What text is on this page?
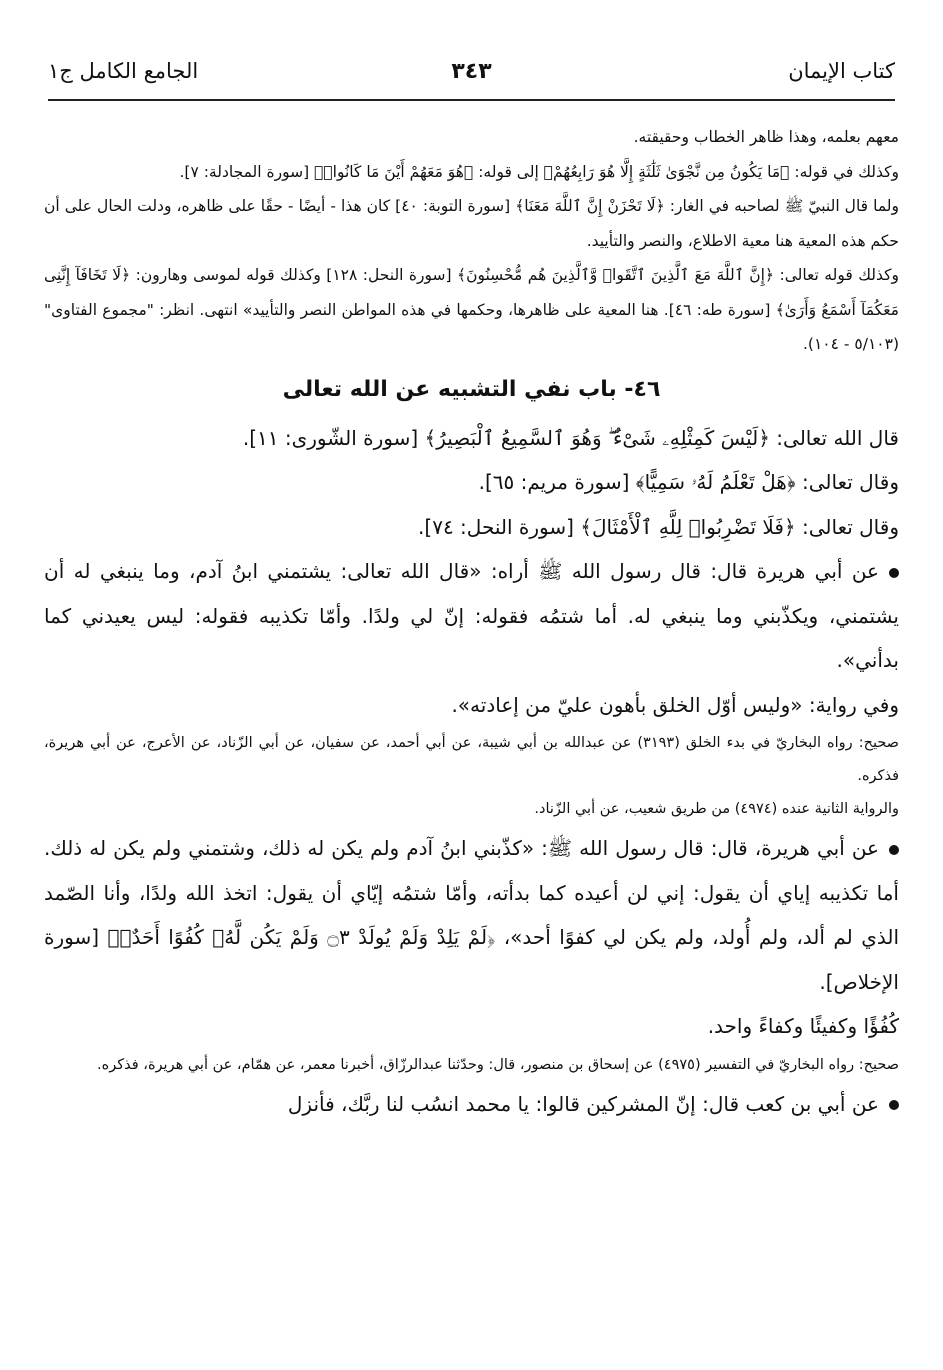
كتاب الإيمان
٣٤٣
الجامع الكامل ج١

معهم بعلمه، وهذا ظاهر الخطاب وحقيقته.

وكذلك في قوله: ﴿مَا يَكُونُ مِن نَّجْوَىٰ ثَلَٰثَةٍ إِلَّا هُوَ رَابِعُهُمْ﴾ إلى قوله: ﴿هُوَ مَعَهُمْ أَيْنَ مَا كَانُوا۟﴾ [سورة المجادلة: ٧].

ولما قال النبيّ ﷺ لصاحبه في الغار: ﴿لَا تَحْزَنْ إِنَّ ٱللَّهَ مَعَنَا﴾ [سورة التوبة: ٤٠] كان هذا - أيضًا - حقًا على ظاهره، ودلت الحال على أن حكم هذه المعية هنا معية الاطلاع، والنصر والتأييد.

وكذلك قوله تعالى: ﴿إِنَّ ٱللَّهَ مَعَ ٱلَّذِينَ ٱتَّقَوا۟ وَّٱلَّذِينَ هُم مُّحْسِنُونَ﴾ [سورة النحل: ١٢٨] وكذلك قوله لموسى وهارون: ﴿لَا تَخَافَآ إِنَّنِى مَعَكُمَآ أَسْمَعُ وَأَرَىٰ﴾ [سورة طه: ٤٦]. هنا المعية على ظاهرها، وحكمها في هذه المواطن النصر والتأييد» انتهى. انظر: "مجموع الفتاوى" (٥/١٠٣ - ١٠٤).

٤٦- باب نفي التشبيه عن الله تعالى

قال الله تعالى: ﴿لَيْسَ كَمِثْلِهِۦ شَىْءٌ ۖ وَهُوَ ٱلسَّمِيعُ ٱلْبَصِيرُ﴾ [سورة الشّورى: ١١].

وقال تعالى: ﴿هَلْ تَعْلَمُ لَهُۥ سَمِيًّا﴾ [سورة مريم: ٦٥].

وقال تعالى: ﴿فَلَا تَضْرِبُوا۟ لِلَّهِ ٱلْأَمْثَالَ﴾ [سورة النحل: ٧٤].

عن أبي هريرة قال: قال رسول الله ﷺ أراه: «قال الله تعالى: يشتمني ابنُ آدم، وما ينبغي له أن يشتمني، ويكذّبني وما ينبغي له. أما شتمُه فقوله: إنّ لي ولدًا. وأمّا تكذيبه فقوله: ليس يعيدني كما بدأني».

وفي رواية: «وليس أوّل الخلق بأهون عليّ من إعادته».

صحيح: رواه البخاريّ في بدء الخلق (٣١٩٣) عن عبدالله بن أبي شيبة، عن أبي أحمد، عن سفيان، عن أبي الزّناد، عن الأعرج، عن أبي هريرة، فذكره.

والرواية الثانية عنده (٤٩٧٤) من طريق شعيب، عن أبي الزّناد.

عن أبي هريرة، قال: قال رسول الله ﷺ: «كذّبني ابنُ آدم ولم يكن له ذلك، وشتمني ولم يكن له ذلك. أما تكذيبه إياي أن يقول: إني لن أعيده كما بدأته، وأمّا شتمُه إيّاي أن يقول: اتخذ الله ولدًا، وأنا الصّمد الذي لم ألد، ولم أُولد، ولم يكن لي كفوًا أحد»، ﴿لَمْ يَلِدْ وَلَمْ يُولَدْ ۝٣ وَلَمْ يَكُن لَّهُۥ كُفُوًا أَحَدٌۢ﴾ [سورة الإخلاص].

كُفُؤًا وكفيئًا وكفاءً واحد.

صحيح: رواه البخاريّ في التفسير (٤٩٧٥) عن إسحاق بن منصور، قال: وحدّثنا عبدالرزّاق، أخبرنا معمر، عن همّام، عن أبي هريرة، فذكره.

عن أبي بن كعب قال: إنّ المشركين قالوا: يا محمد انسُب لنا ربَّك، فأنزل
